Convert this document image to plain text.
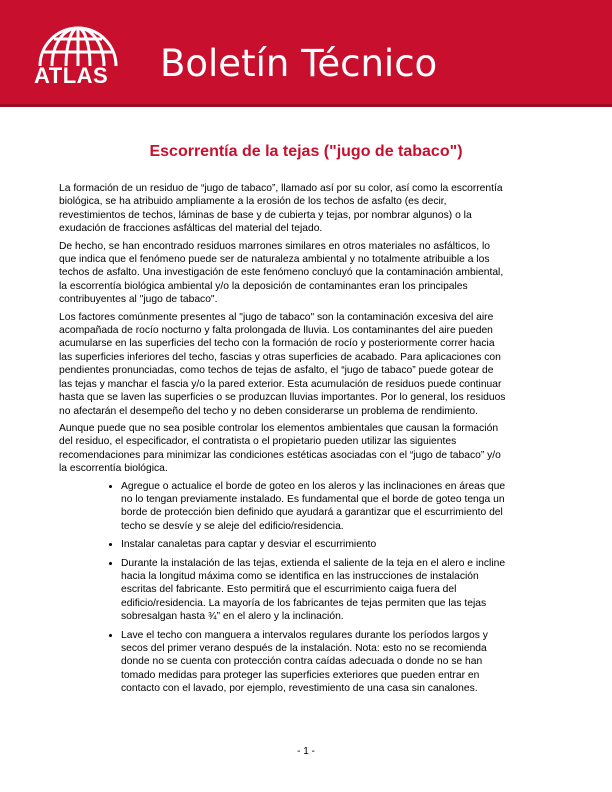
ATLAS Boletín Técnico
Escorrentía de la tejas ("jugo de tabaco")

La formación de un residuo de “jugo de tabaco”, llamado así por su color, así como la escorrentía biológica, se ha atribuido ampliamente a la erosión de los techos de asfalto (es decir, revestimientos de techos, láminas de base y de cubierta y tejas, por nombrar algunos) o la exudación de fracciones asfálticas del material del tejado.

De hecho, se han encontrado residuos marrones similares en otros materiales no asfálticos, lo que indica que el fenómeno puede ser de naturaleza ambiental y no totalmente atribuible a los techos de asfalto. Una investigación de este fenómeno concluyó que la contaminación ambiental, la escorrentía biológica ambiental y/o la deposición de contaminantes eran los principales contribuyentes al "jugo de tabaco".

Los factores comúnmente presentes al "jugo de tabaco" son la contaminación excesiva del aire acompañada de rocío nocturno y falta prolongada de lluvia. Los contaminantes del aire pueden acumularse en las superficies del techo con la formación de rocío y posteriormente correr hacia las superficies inferiores del techo, fascias y otras superficies de acabado. Para aplicaciones con pendientes pronunciadas, como techos de tejas de asfalto, el “jugo de tabaco” puede gotear de las tejas y manchar el fascia y/o la pared exterior. Esta acumulación de residuos puede continuar hasta que se laven las superficies o se produzcan lluvias importantes. Por lo general, los residuos no afectarán el desempeño del techo y no deben considerarse un problema de rendimiento.

Aunque puede que no sea posible controlar los elementos ambientales que causan la formación del residuo, el especificador, el contratista o el propietario pueden utilizar las siguientes recomendaciones para minimizar las condiciones estéticas asociadas con el “jugo de tabaco” y/o la escorrentía biológica.

• Agregue o actualice el borde de goteo en los aleros y las inclinaciones en áreas que no lo tengan previamente instalado. Es fundamental que el borde de goteo tenga un borde de protección bien definido que ayudará a garantizar que el escurrimiento del techo se desvíe y se aleje del edificio/residencia.
• Instalar canaletas para captar y desviar el escurrimiento
• Durante la instalación de las tejas, extienda el saliente de la teja en el alero e incline hacia la longitud máxima como se identifica en las instrucciones de instalación escritas del fabricante. Esto permitirá que el escurrimiento caiga fuera del edificio/residencia. La mayoría de los fabricantes de tejas permiten que las tejas sobresalgan hasta ¾” en el alero y la inclinación.
• Lave el techo con manguera a intervalos regulares durante los períodos largos y secos del primer verano después de la instalación. Nota: esto no se recomienda donde no se cuenta con protección contra caídas adecuada o donde no se han tomado medidas para proteger las superficies exteriores que pueden entrar en contacto con el lavado, por ejemplo, revestimiento de una casa sin canalones.
- 1 -
